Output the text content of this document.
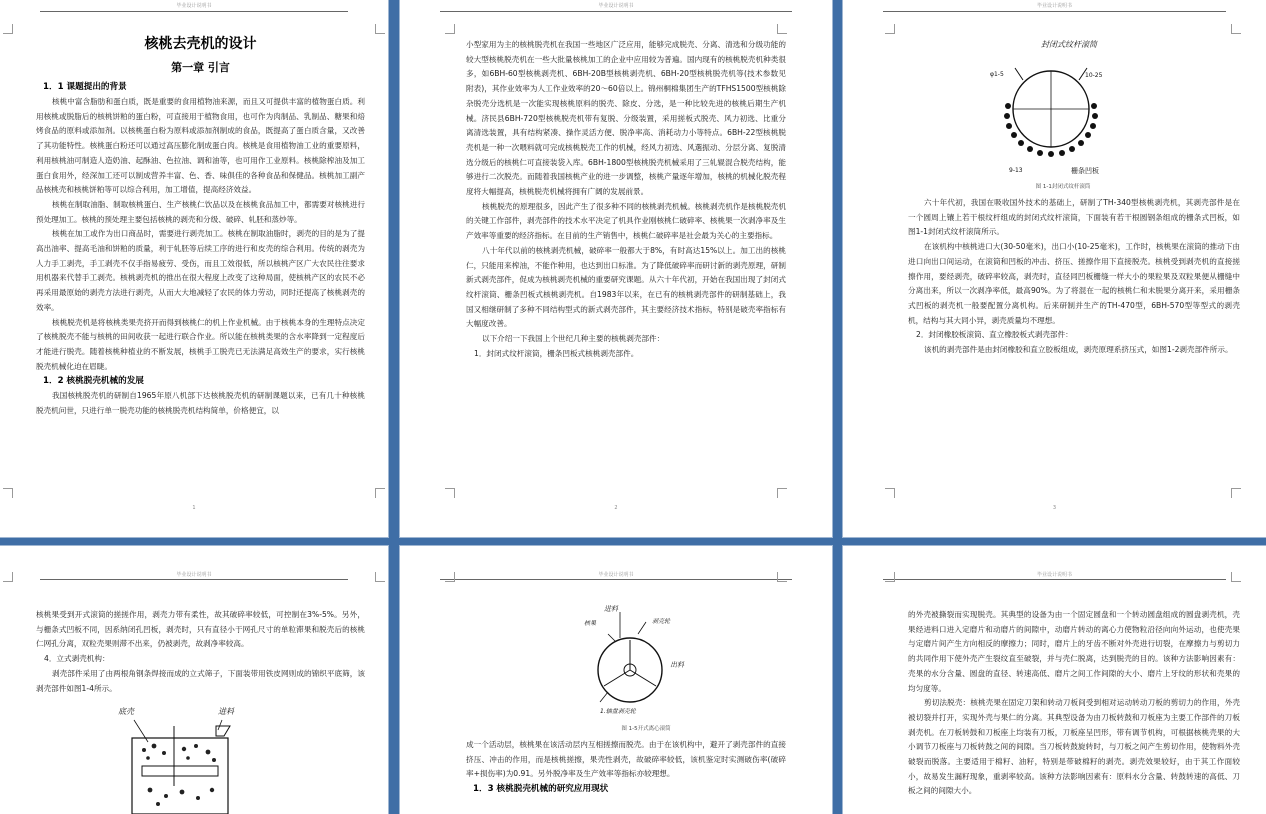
毕业设计说明书
核桃去壳机的设计
第一章 引言
1．1 课题提出的背景

核桃中富含脂肪和蛋白质，既是重要的食用植物油来源，而且又可提供丰富的植物蛋白质。利用核桃或脱脂后的核桃饼粕的蛋白粉，可直接用于植物食用，也可作为肉制品、乳制品、糖果和焙烤食品的原料或添加剂。以核桃蛋白粉为原料或添加剂制成的食品，既提高了蛋白质含量，又改善了其功能特性。核桃蛋白粉还可以通过高压膨化制成蛋白肉。核桃是食用植物油工业的重要原料，利用核桃油可制造人造奶油、起酥油、色拉油、调和油等，也可用作工业原料。核桃除榨油及加工蛋白食用外，经深加工还可以制成营养丰富、色、香、味俱佳的各种食品和保健品。核桃加工副产品核桃壳和核桃饼粕等可以综合利用，加工增值，提高经济效益。

核桃在制取油脂、制取核桃蛋白、生产核桃仁饮品以及在核桃食品加工中，都需要对核桃进行预处理加工。核桃的预处理主要包括核桃的剥壳和分级、破碎、轧胚和蒸炒等。

核桃在加工或作为出口商品时，需要进行剥壳加工。核桃在制取油脂时，剥壳的目的是为了提高出油率、提高毛油和饼粕的质量，利于轧胚等后续工序的进行和皮壳的综合利用。传统的剥壳为人力手工剥壳，手工剥壳不仅手指易疲劳、受伤，而且工效很低，所以核桃产区广大农民往往要求用机器来代替手工剥壳。核桃剥壳机的推出在很大程度上改变了这种局面，使核桃产区的农民不必再采用最原始的剥壳方法进行剥壳，从而大大地减轻了农民的体力劳动，同时还提高了核桃剥壳的效率。

核桃脱壳机是将核桃类果壳挤开而得到核桃仁的机上作业机械。由于核桃本身的生理特点决定了核桃脱壳不能与核桃的田间收获一起进行联合作业。所以能在核桃类果的含水率降到一定程度后才能进行脱壳。随着核桃种植业的不断发展，核桃手工脱壳已无法满足高效生产的要求，实行核桃脱壳机械化迫在眉睫。

1．2 核桃脱壳机械的发展

我国核桃脱壳机的研制自1965年原八机部下达核桃脱壳机的研制课题以来，已有几十种核桃脱壳机问世，只进行单一脱壳功能的核桃脱壳机结构简单，价格便宜，以

1
毕业设计说明书

小型家用为主的核桃脱壳机在我国一些地区广泛应用，能够完成脱壳、分离、清选和分级功能的较大型核桃脱壳机在一些大批量核桃加工的企业中应用较为普遍。国内现有的核桃脱壳机种类很多，如6BH-60型核桃剥壳机、6BH-20B型核桃剥壳机、6BH-20型核桃脱壳机等(技术参数见附表)，其作业效率为人工作业效率的20～60倍以上。锦州桐棉集团生产的TFHS1500型核桃除杂脱壳分选机是一次能实现核桃原料的脱壳、除皮、分选，是一种比较先进的核桃后期生产机械。济民县6BH-720型核桃脱壳机带有复脱、分级装置，采用搓板式脱壳、风力初选、比重分离清选装置，具有结构紧凑、操作灵活方便、脱净率高、消耗动力小等特点。6BH-22型核桃脱壳机是一种一次喂料就可完成核桃脱壳工作的机械，经风力初选、风選振动、分层分离、复脱清选分级后的核桃仁可直接装袋入库。6BH-1800型核桃脱壳机械采用了三轧辊混合脱壳结构，能够进行二次脱壳。而随着我国核桃产业的进一步调整，核桃产量逐年增加，核桃的机械化脱壳程度将大幅提高，核桃脱壳机械将拥有广阔的发展前景。

核桃脱壳的原理很多，因此产生了很多种不同的核桃剥壳机械。核桃剥壳机作是核桃脱壳机的关键工作部件，剥壳部件的技术水平决定了机具作业刚核桃仁破碎率、核桃果一次剥净率及生产效率等重要的经济指标。在目前的生产销售中，核桃仁破碎率是社会最为关心的主要指标。

八十年代以前的核桃剥壳机械，破碎率一般都大于8%，有时高达15%以上。加工出的核桃仁，只能用来榨油，不能作种用，也达到出口标准。为了降低破碎率而研讨新的剥壳原理，研制新式剥壳部件，促成为核桃剥壳机械的重要研究课题。从六十年代初，开始在我国出现了封闭式纹杆滚筒、栅条凹板式核桃剥壳机。自1983年以来，在已有的核桃剥壳部件的研制基础上，我国又相继研制了多种不同结构型式的新式剥壳部件，其主要经济技术指标，特别是破壳率指标有大幅度改善。

以下介绍一下我国上个世纪几种主要的核桃剥壳部件：

1．封闭式纹杆滚筒，栅条凹板式核桃剥壳部件。

2
毕业设计说明书
封闭式纹杆滚筒
φ1-5	10-25
9-13	栅条凹板
图 1-1封闭式纹杆滚筒

六十年代初，我国在吸收国外技术的基础上，研制了TH-340型核桃剥壳机，其剥壳部件是在一个圆周上镶上若干根纹杆组成的封闭式纹杆滚筒，下面装有若干根圆钢条组成的栅条式凹板，如图1-1封闭式纹杆滚筒所示。

在该机构中核桃进口大(30-50毫米)，出口小(10-25毫米)，工作时，核桃果在滚筒的推动下由进口向出口间运动，在滚筒和凹板的冲击、挤压、搓擦作用下直接脱壳。核桃受到剥壳机的直接搓擦作用，要经剥壳，破碎率较高，剥壳时，直径同凹板栅缝一样大小的果粒果及双粒果便从栅缝中分离出来，所以一次剥净率低，最高90%。为了将混在一起的核桃仁和未脱果分离开来，采用栅条式凹板的剥壳机一般要配置分离机构。后来研制并生产的TH-470型，6BH-570型等型式的剥壳机，结构与其大同小异，剥壳质量均不理想。

2．封闭橡胶板滚筒、直立橡胶板式剥壳部件：

该机的剥壳部件是由封闭橡胶和直立胶板组成，剥壳原理系挤压式，如图1-2剥壳部件所示。

3
毕业设计说明书

核桃果受到开式滚筒的搓搓作用，剥壳力带有柔性，故其破碎率较低，可控制在3%-5%。另外，与栅条式凹板不同，因系纳闭孔凹板，剥壳时，只有直径小于网孔尺寸的单粒滞果和脱壳后的核桃仁网孔分离，双粒壳果则滞不出来，仍被剥壳，故剥净率较高。

4．立式剥壳机构：

剥壳部件采用了由两根角钢条焊接而成的立式筛子，下面装带用铁皮网则成的锦织平底筛，该剥壳部件如图1-4所示。

底壳	进料
毕业设计说明书
进料
核果	剥壳轮
出料
1.轴盘剥壳轮
图 1-5开式离心滚筒

成一个活动层，核桃果在该活动层内互相搓擦而脱壳。由于在该机构中，避开了剥壳部件的直接挤压、冲击的作用，而是核桃搓擦，果壳性剥壳，故破碎率较低，该机鉴定时实测破伤率(破碎率+损伤率)为0.91。另外脱净率及生产效率等指标亦较理想。

1．3 核桃脱壳机械的研究应用现状
毕业设计说明书

的外壳被撕裂而实现脱壳。其典型的设备为由一个固定圆盘和一个转动圆盘组成的圆盘剥壳机，壳果经进料口进入定磨片和动磨片的间隙中，动磨片转动的离心力使物粒沿径向向外运动，也使壳果与定磨片间产生方向相反的摩擦力；同时，磨片上的牙齿不断对外壳进行切裂，在摩擦力与剪切力的共同作用下使外壳产生裂纹直至破裂，并与壳仁脱离，达到脱壳的目的。该种方法影响因素有：壳果的水分含量、圆盘的直径、转速高低、磨片之间工作间隙的大小、磨片上牙纹的形状和壳果的均匀度等。

剪切法脱壳：核桃壳果在固定刀架和转动刀板间受到相对运动转动刀板的剪切力的作用，外壳被切裂并打开，实现外壳与果仁的分离。其典型设备为由刀板转鼓和刀板座为主要工作部件的刀板剥壳机。在刀板转鼓和刀板座上均装有刀板，刀板座呈凹形，带有调节机构，可根据核桃壳果的大小调节刀板座与刀板转鼓之间的间隙。当刀板转鼓旋转时，与刀板之间产生剪切作用，使物料外壳破裂而脱落。主要适用于棉籽、油籽，特别是带破棉籽的剥壳。剥壳效果较好，由于其工作面较小，故易发生漏籽现象，重剥率较高。该种方法影响因素有：原料水分含量、转鼓转速的高低、刀板之间的间隙大小。
